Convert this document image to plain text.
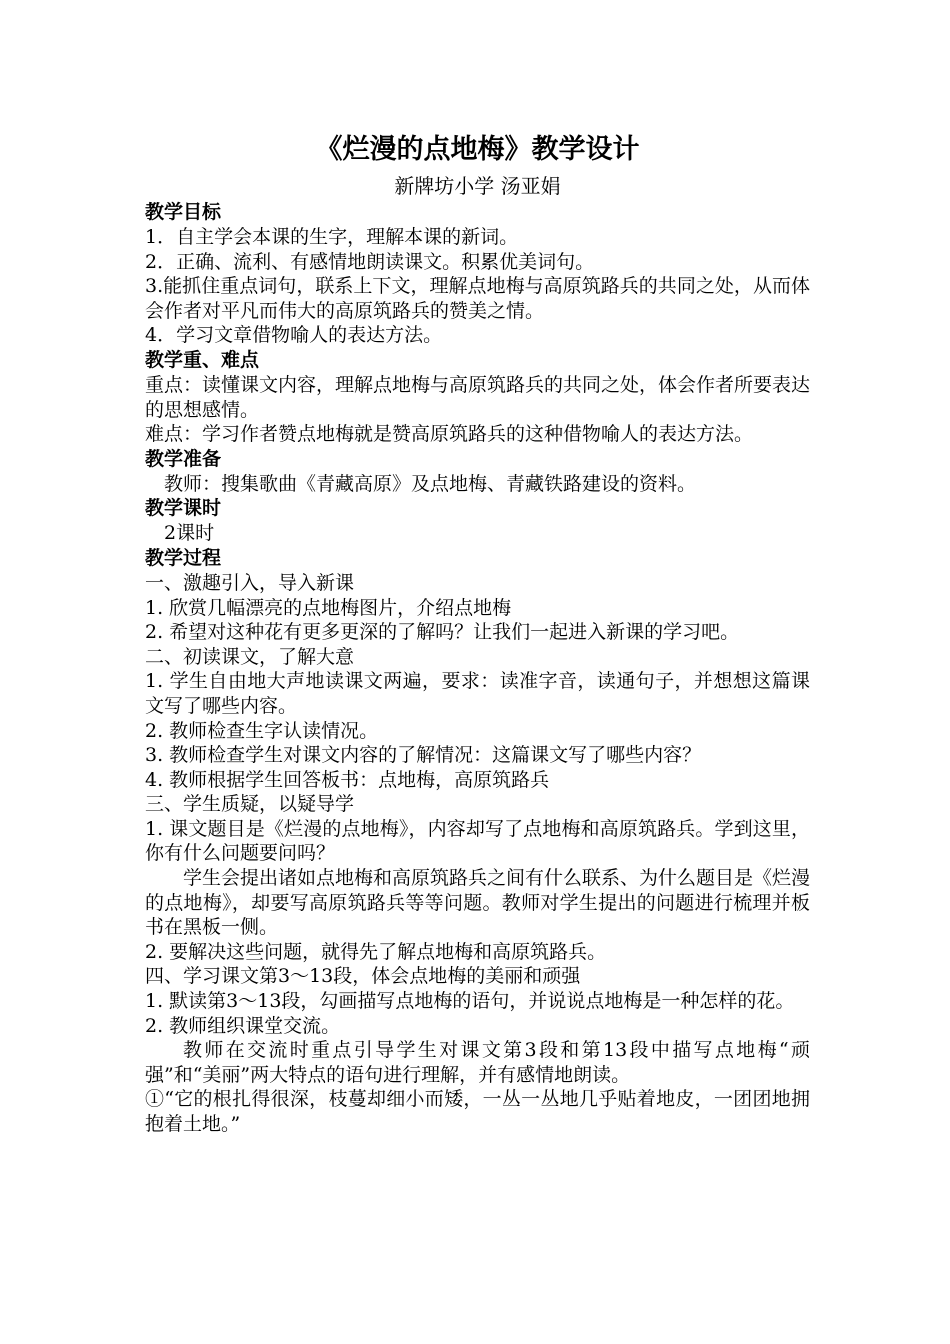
《烂漫的点地梅》教学设计

新牌坊小学 汤亚娟

教学目标

1．自主学会本课的生字，理解本课的新词。

2．正确、流利、有感情地朗读课文。积累优美词句。

3.能抓住重点词句，联系上下文，理解点地梅与高原筑路兵的共同之处，从而体会作者对平凡而伟大的高原筑路兵的赞美之情。

4．学习文章借物喻人的表达方法。

教学重、难点

重点：读懂课文内容，理解点地梅与高原筑路兵的共同之处，体会作者所要表达的思想感情。

难点：学习作者赞点地梅就是赞高原筑路兵的这种借物喻人的表达方法。

教学准备

教师：搜集歌曲《青藏高原》及点地梅、青藏铁路建设的资料。

教学课时

2课时

教学过程

一、激趣引入，导入新课

1. 欣赏几幅漂亮的点地梅图片，介绍点地梅

2. 希望对这种花有更多更深的了解吗？让我们一起进入新课的学习吧。

二、初读课文，了解大意

1. 学生自由地大声地读课文两遍，要求：读准字音，读通句子，并想想这篇课文写了哪些内容。

2. 教师检查生字认读情况。

3. 教师检查学生对课文内容的了解情况：这篇课文写了哪些内容？

4. 教师根据学生回答板书：点地梅，高原筑路兵

三、学生质疑，以疑导学

1. 课文题目是《烂漫的点地梅》，内容却写了点地梅和高原筑路兵。学到这里，你有什么问题要问吗？

学生会提出诸如点地梅和高原筑路兵之间有什么联系、为什么题目是《烂漫的点地梅》，却要写高原筑路兵等等问题。教师对学生提出的问题进行梳理并板书在黑板一侧。

2. 要解决这些问题，就得先了解点地梅和高原筑路兵。

四、学习课文第3～13段，体会点地梅的美丽和顽强

1. 默读第3～13段，勾画描写点地梅的语句，并说说点地梅是一种怎样的花。

2. 教师组织课堂交流。

教师在交流时重点引导学生对课文第3段和第13段中描写点地梅“顽强”和“美丽”两大特点的语句进行理解，并有感情地朗读。

①“它的根扎得很深，枝蔓却细小而矮，一丛一丛地几乎贴着地皮，一团团地拥抱着土地。”
